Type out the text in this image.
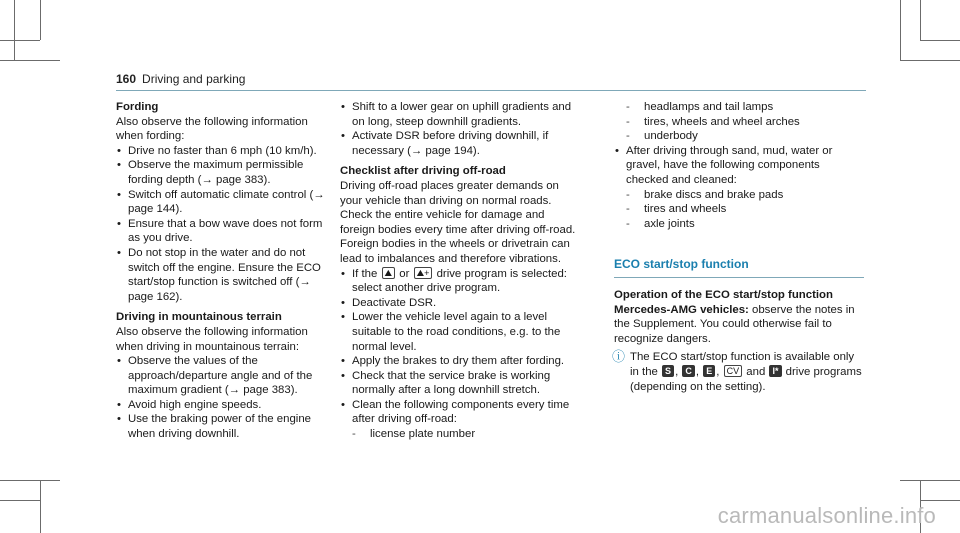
160 Driving and parking

Fording

Also observe the following information when fording:

• Drive no faster than 6 mph (10 km/h).
• Observe the maximum permissible fording depth (→ page 383).
• Switch off automatic climate control (→ page 144).
• Ensure that a bow wave does not form as you drive.
• Do not stop in the water and do not switch off the engine. Ensure the ECO start/stop function is switched off (→ page 162).

Driving in mountainous terrain

Also observe the following information when driving in mountainous terrain:

• Observe the values of the approach/departure angle and of the maximum gradient (→ page 383).
• Avoid high engine speeds.
• Use the braking power of the engine when driving downhill.
• Shift to a lower gear on uphill gradients and on long, steep downhill gradients.
• Activate DSR before driving downhill, if necessary (→ page 194).

Checklist after driving off-road

Driving off-road places greater demands on your vehicle than driving on normal roads. Check the entire vehicle for damage and foreign bodies every time after driving off-road. Foreign bodies in the wheels or drivetrain can lead to imbalances and therefore vibrations.

• If the ⛰ or ⛰+ drive program is selected: select another drive program.
• Deactivate DSR.
• Lower the vehicle level again to a level suitable to the road conditions, e.g. to the normal level.
• Apply the brakes to dry them after fording.
• Check that the service brake is working normally after a long downhill stretch.
• Clean the following components every time after driving off-road:
- license plate number
- headlamps and tail lamps
- tires, wheels and wheel arches
- underbody
• After driving through sand, mud, water or gravel, have the following components checked and cleaned:
- brake discs and brake pads
- tires and wheels
- axle joints

ECO start/stop function

Operation of the ECO start/stop function Mercedes-AMG vehicles: observe the notes in the Supplement. You could otherwise fail to recognize dangers.

ⓘ The ECO start/stop function is available only in the S , C , E , CV and I* drive programs (depending on the setting).

carmanualsonline.info
